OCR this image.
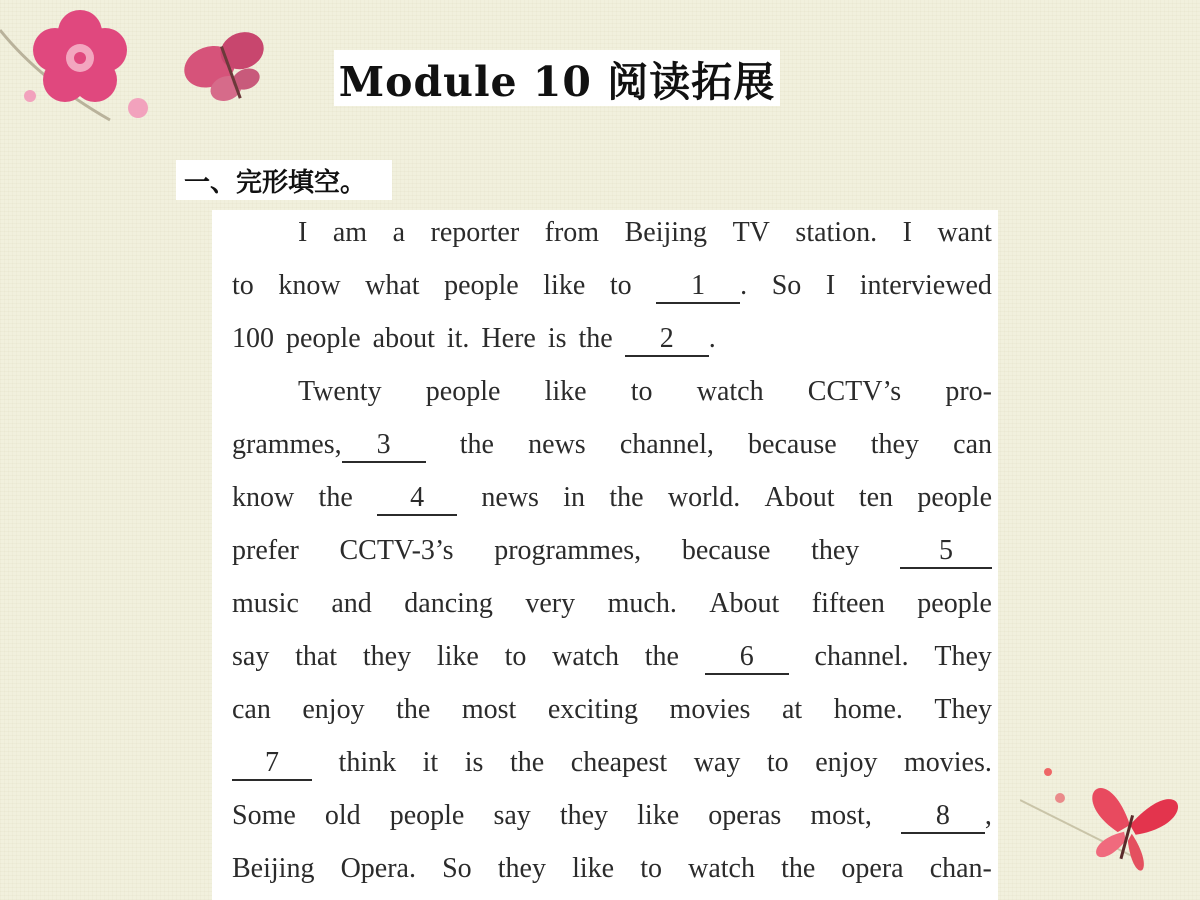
Module 10 阅读拓展
一、完形填空。
I am a reporter from Beijing TV station. I want
to know what people like to	1 . So I interviewed
100 people about it. Here is the	2 .
Twenty people like to watch CCTV’s pro-
grammes, 3	the news channel, because they can
know the	4	news in the world. About ten people
prefer CCTV-3’s programmes, because they	5
music and dancing very much. About fifteen people
say that they like to watch the	6	channel. They
can enjoy the most exciting movies at home. They
7	think it is the cheapest way to enjoy movies.
Some old people say they like operas most,	8 ,
Beijing Opera. So they like to watch the opera chan-
